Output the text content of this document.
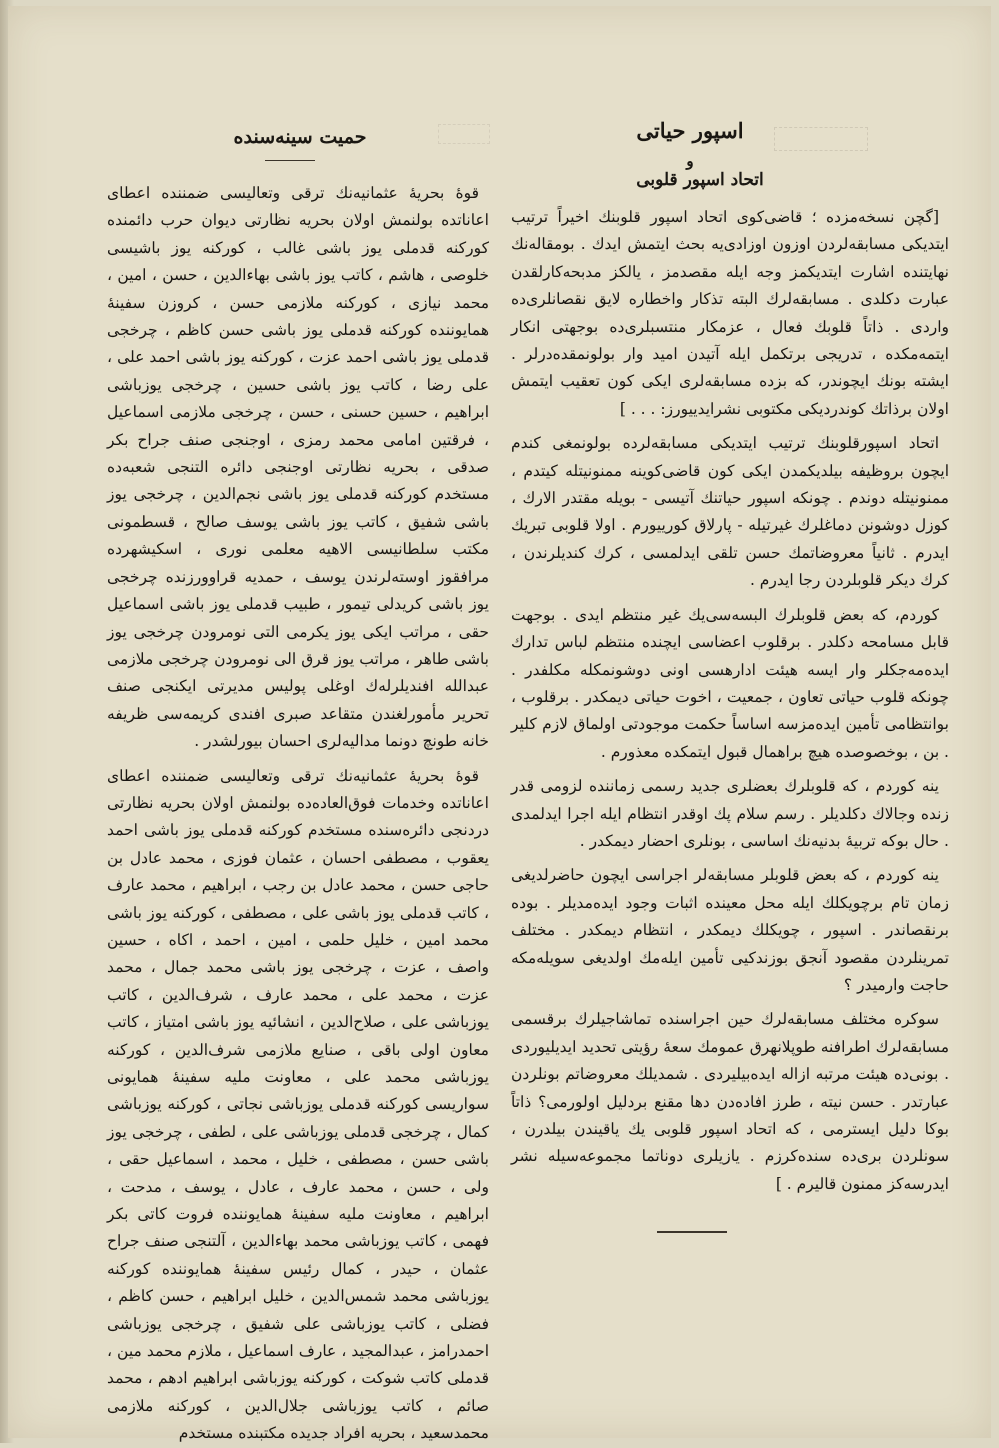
اسپور حیاتی
و
اتحاد اسپور قلوبی

[گچن نسخه‌مزده ؛ قاضی‌کوی اتحاد اسپور قلوبنك اخیراً ترتیب ایتدیکی مسابقه‌لردن اوزون اوزادی‌یه بحث ایتمش ایدك . بومقاله‌نك نهایتنده اشارت ایتدیکمز وجه ایله مقصدمز ، یالکز مدبحه‌کارلقدن عبارت دکلدی . مسابقه‌لرك البته تذکار واخطاره لایق نقصانلری‌ده واردی . ذاتاً قلوبك فعال ، عزمکار منتسبلری‌ده بوجهتی انکار ایتمه‌مکده ، تدریجی برتکمل ایله آتیدن امید وار بولونمقده‌درلر . ایشته بونك ایچوندر، که بزده مسابقه‌لری ایکی کون تعقیب ایتمش اولان برذاتك کوندردیکی مکتوبی نشرایدیيورز: . . . ]

اتحاد اسپورقلوبنك ترتیب ایتدیکی مسابقه‌لرده بولونمغی کندم ایچون بروظیفه بیلدیکمدن ایکی کون قاضی‌کوینه ممنونیتله کیتدم ، ممنونیتله دوندم . چونکه اسپور حیاتنك آتیسی - بویله مقتدر الارك ، کوزل دوشونن دماغلرك غیرتیله - پارلاق کوریيورم . اولا قلوبی تبریك ایدرم . ثانیاً معروضاتمك حسن تلقی ایدلمسی ، کرك کندیلرندن ، کرك دیکر قلوبلردن رجا ایدرم .

کوردم، که بعض قلوبلرك البسه‌سی‌یك غیر منتظم ایدی . بوجهت قابل مسامحه دکلدر . برقلوب اعضاسی ایچنده منتظم لباس تدارك ایده‌مه‌جکلر وار ایسه هیئت ادارهسی اونی دوشونمکله مکلفدر . چونکه قلوب حیاتی تعاون ، جمعیت ، اخوت حیاتی دیمکدر . برقلوب ، بوانتظامی تأمین ایده‌مزسه اساساً حکمت موجودتی اولماق لازم کلیر . بن ، بوخصوصده هیچ براهمال قبول ایتمکده معذورم .

ینه کوردم ، که قلوبلرك بعضلری جدید رسمی زماننده لزومی قدر زنده وجالاك دکلدیلر . رسم سلام پك اوقدر انتظام ایله اجرا ایدلمدی . حال بوکه تربیهٔ بدنیه‌نك اساسی ، بونلری احضار دیمکدر .

ینه کوردم ، که بعض قلوبلر مسابقه‌لر اجراسی ایچون حاضرلدیغی زمان تام برچویکلك ایله محل معینده اثبات وجود ایده‌مدیلر . بوده برنقصاندر . اسپور ، چویکلك دیمکدر ، انتظام دیمکدر . مختلف تمرینلردن مقصود آنجق بوزندکیی تأمین ایله‌مك اولدیغی سویله‌مکه حاجت وارمیدر ؟

سوکره مختلف مسابقه‌لرك حین اجراسنده تماشاجیلرك برقسمی مسابقه‌لرك اطرافنه طوپلانهرق عمومك سعهٔ رؤیتی تحدید ایدیلیوردی . بونی‌ده هیئت مرتبه ازاله ایده‌بیلیردی . شمدیلك معروضاتم بونلردن عبارتدر . حسن نیته ، طرز افاده‌دن دها مقنع بردلیل اولورمی؟ ذاتاً بوکا دلیل ایسترمی ، که اتحاد اسپور قلوبی یك یاقیندن بیلدرن ، سونلردن بری‌ده سنده‌کرزم . یازیلری دوناتما مجموعه‌سیله نشر ایدرسه‌کز ممنون قالیرم . ]

حمیت سینه‌سنده

قوهٔ بحریهٔ عثمانیه‌نك ترقی وتعالیسی ضمننده اعطای اعاناتده بولنمش اولان بحریه نظارتی دیوان حرب دائمنده کورکنه قدملی یوز باشی غالب ، کورکنه یوز باشیسی خلوصی ، هاشم ، کاتب یوز باشی بهاءالدین ، حسن ، امین ، محمد نیازی ، کورکنه ملازمی حسن ، کروزن سفینهٔ همایوننده کورکنه قدملی یوز باشی حسن کاظم ، چرخجی قدملی یوز باشی احمد عزت ، کورکنه یوز باشی احمد علی ، علی رضا ، کاتب یوز باشی حسین ، چرخجی یوزباشی ابراهیم ، حسین حسنی ، حسن ، چرخجی ملازمی اسماعیل ، فرقتین امامی محمد رمزی ، اوجنجی صنف جراح بکر صدقی ، بحریه نظارتی اوجنجی دائره التنجی شعبه‌ده مستخدم کورکنه قدملی یوز باشی نجم‌الدین ، چرخجی یوز باشی شفیق ، کاتب یوز باشی یوسف صالح ، قسطمونی مکتب سلطانیسی الاهیه معلمی نوری ، اسکیشهرده مرافقوز اوسته‌لرندن یوسف ، حمدیه قراوورزنده چرخجی یوز باشی کریدلی تیمور ، طبیب قدملی یوز باشی اسماعیل حقی ، مراتب ایکی یوز یکرمی التی نومرودن چرخجی یوز باشی طاهر ، مراتب یوز قرق الی نومرودن چرخجی ملازمی عبدالله افندیلرله‌ك اوغلی پولیس مدیرتی ایکنجی صنف تحریر مأمورلغندن متقاعد صبری افندی کریمه‌سی ظریفه خانه طونچ دونما مدالیه‌لری احسان بیورلشدر .

قوهٔ بحریهٔ عثمانیه‌نك ترقی وتعالیسی ضمننده اعطای اعاناتده وخدمات فوق‌العاده‌ده بولنمش اولان بحریه نظارتی دردنجی دائره‌سنده مستخدم کورکنه قدملی یوز باشی احمد یعقوب ، مصطفی احسان ، عثمان فوزی ، محمد عادل بن حاجی حسن ، محمد عادل بن رجب ، ابراهیم ، محمد عارف ، کاتب قدملی یوز باشی علی ، مصطفی ، کورکنه یوز باشی محمد امین ، خلیل حلمی ، امین ، احمد ، اکاه ، حسین واصف ، عزت ، چرخجی یوز باشی محمد جمال ، محمد عزت ، محمد علی ، محمد عارف ، شرف‌الدین ، کاتب یوزباشی علی ، صلاح‌الدین ، انشائیه یوز باشی امتیاز ، کاتب معاون اولی باقی ، صنایع ملازمی شرف‌الدین ، کورکنه یوزباشی محمد علی ، معاونت ملیه سفینهٔ همایونی سواریسی کورکنه قدملی یوزباشی نجاتی ، کورکنه یوزباشی کمال ، چرخجی قدملی یوزباشی علی ، لطفی ، چرخجی یوز باشی حسن ، مصطفی ، خلیل ، محمد ، اسماعیل حقی ، ولی ، حسن ، محمد عارف ، عادل ، یوسف ، مدحت ، ابراهیم ، معاونت ملیه سفینهٔ همایوننده فروت کاتی بکر فهمی ، کاتب یوزباشی محمد بهاءالدین ، آلتنجی صنف جراح عثمان ، حیدر ، کمال رئیس سفینهٔ همایوننده کورکنه یوزباشی محمد شمس‌الدین ، خلیل ابراهیم ، حسن کاظم ، فضلی ، کاتب یوزباشی علی شفیق ، چرخجی یوزباشی احمدرامز ، عبدالمجید ، عارف اسماعیل ، ملازم محمد مین ، قدملی کاتب شوکت ، کورکنه یوزباشی ابراهیم ادهم ، محمد صائم ، کاتب یوزباشی جلال‌الدین ، کورکنه ملازمی محمدسعید ، بحریه افراد جدیده مکتبنده مستخدم
